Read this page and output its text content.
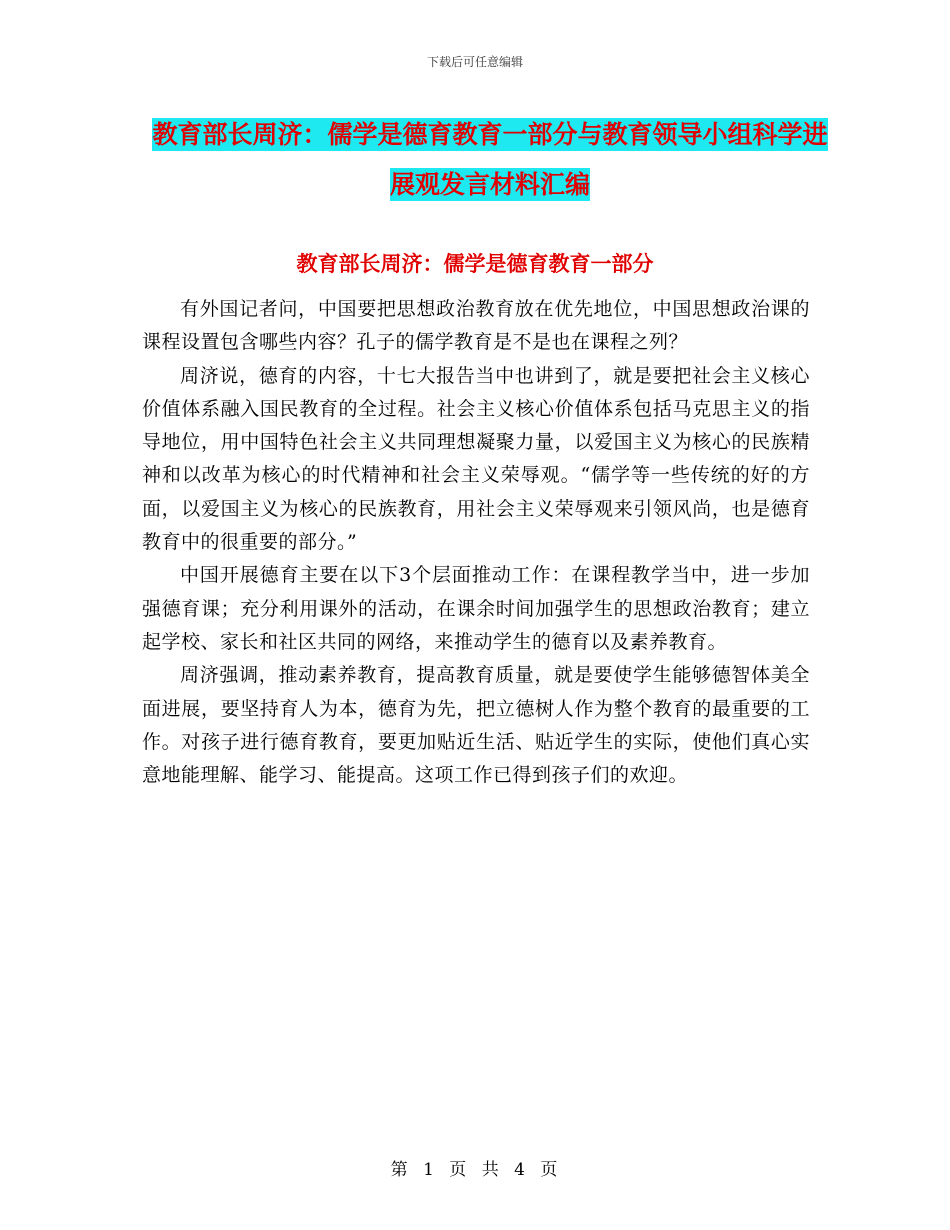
下载后可任意编辑
教育部长周济：儒学是德育教育一部分与教育领导小组科学进展观发言材料汇编
教育部长周济：儒学是德育教育一部分

有外国记者问，中国要把思想政治教育放在优先地位，中国思想政治课的课程设置包含哪些内容？孔子的儒学教育是不是也在课程之列？

周济说，德育的内容，十七大报告当中也讲到了，就是要把社会主义核心价值体系融入国民教育的全过程。社会主义核心价值体系包括马克思主义的指导地位，用中国特色社会主义共同理想凝聚力量，以爱国主义为核心的民族精神和以改革为核心的时代精神和社会主义荣辱观。“儒学等一些传统的好的方面，以爱国主义为核心的民族教育，用社会主义荣辱观来引领风尚，也是德育教育中的很重要的部分。”

中国开展德育主要在以下3个层面推动工作：在课程教学当中，进一步加强德育课；充分利用课外的活动，在课余时间加强学生的思想政治教育；建立起学校、家长和社区共同的网络，来推动学生的德育以及素养教育。

周济强调，推动素养教育，提高教育质量，就是要使学生能够德智体美全面进展，要坚持育人为本，德育为先，把立德树人作为整个教育的最重要的工作。对孩子进行德育教育，要更加贴近生活、贴近学生的实际，使他们真心实意地能理解、能学习、能提高。这项工作已得到孩子们的欢迎。

第 1 页 共 4 页
